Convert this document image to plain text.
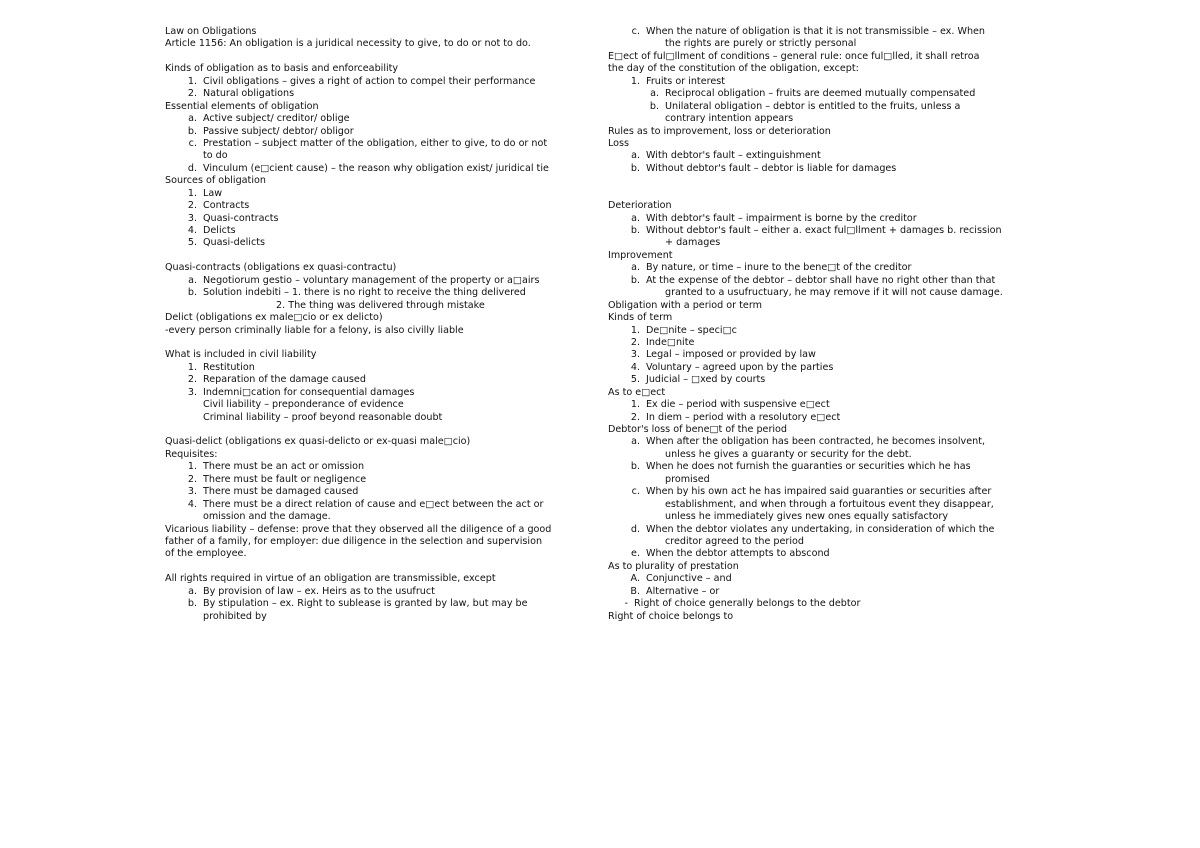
Law on Obligations
Article 1156: An obligation is a juridical necessity to give, to do or not to do.
Kinds of obligation as to basis and enforceability
1. Civil obligations – gives a right of action to compel their performance
2. Natural obligations
Essential elements of obligation
a. Active subject/ creditor/ oblige
b. Passive subject/ debtor/ obligor
c. Prestation – subject matter of the obligation, either to give, to do or not
to do
d. Vinculum (e□cient cause) – the reason why obligation exist/ juridical tie
Sources of obligation
1. Law
2. Contracts
3. Quasi-contracts
4. Delicts
5. Quasi-delicts
Quasi-contracts (obligations ex quasi-contractu)
a. Negotiorum gestio – voluntary management of the property or a□airs
b. Solution indebiti – 1. there is no right to receive the thing delivered
2. The thing was delivered through mistake
Delict (obligations ex male□cio or ex delicto)
-every person criminally liable for a felony, is also civilly liable
What is included in civil liability
1. Restitution
2. Reparation of the damage caused
3. Indemni□cation for consequential damages
Civil liability – preponderance of evidence
Criminal liability – proof beyond reasonable doubt
Quasi-delict (obligations ex quasi-delicto or ex-quasi male□cio)
Requisites:
1. There must be an act or omission
2. There must be fault or negligence
3. There must be damaged caused
4. There must be a direct relation of cause and e□ect between the act or
omission and the damage.
Vicarious liability – defense: prove that they observed all the diligence of a good
father of a family, for employer: due diligence in the selection and supervision
of the employee.
All rights required in virtue of an obligation are transmissible, except
a. By provision of law – ex. Heirs as to the usufruct
b. By stipulation – ex. Right to sublease is granted by law, but may be
prohibited by
c. When the nature of obligation is that it is not transmissible – ex. When
the rights are purely or strictly personal
E□ect of ful□llment of conditions – general rule: once ful□lled, it shall retroa
the day of the constitution of the obligation, except:
1. Fruits or interest
a. Reciprocal obligation – fruits are deemed mutually compensated
b. Unilateral obligation – debtor is entitled to the fruits, unless a
contrary intention appears
Rules as to improvement, loss or deterioration
Loss
a. With debtor's fault – extinguishment
b. Without debtor's fault – debtor is liable for damages
Deterioration
a. With debtor's fault – impairment is borne by the creditor
b. Without debtor's fault – either a. exact ful□llment + damages b. recission
+ damages
Improvement
a. By nature, or time – inure to the bene□t of the creditor
b. At the expense of the debtor – debtor shall have no right other than that
granted to a usufructuary, he may remove if it will not cause damage.
Obligation with a period or term
Kinds of term
1. De□nite – speci□c
2. Inde□nite
3. Legal – imposed or provided by law
4. Voluntary – agreed upon by the parties
5. Judicial – □xed by courts
As to e□ect
1. Ex die – period with suspensive e□ect
2. In diem – period with a resolutory e□ect
Debtor's loss of bene□t of the period
a. When after the obligation has been contracted, he becomes insolvent,
unless he gives a guaranty or security for the debt.
b. When he does not furnish the guaranties or securities which he has
promised
c. When by his own act he has impaired said guaranties or securities after
establishment, and when through a fortuitous event they disappear,
unless he immediately gives new ones equally satisfactory
d. When the debtor violates any undertaking, in consideration of which the
creditor agreed to the period
e. When the debtor attempts to abscond
As to plurality of prestation
A. Conjunctive – and
B. Alternative – or
- Right of choice generally belongs to the debtor
Right of choice belongs to
